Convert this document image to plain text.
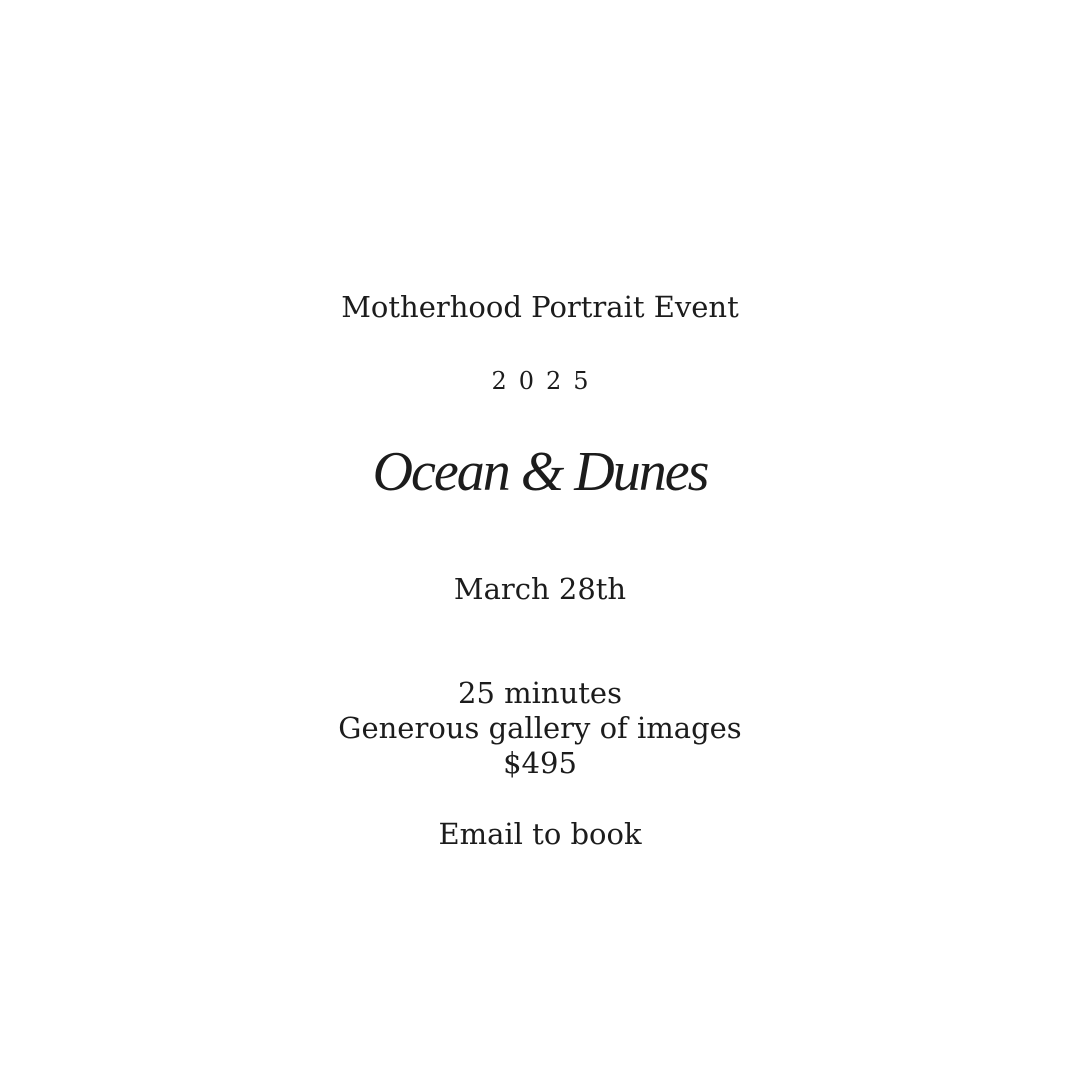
Motherhood Portrait Event
2025
Ocean & Dunes
March 28th
25 minutes
Generous gallery of images
$495
Email to book
